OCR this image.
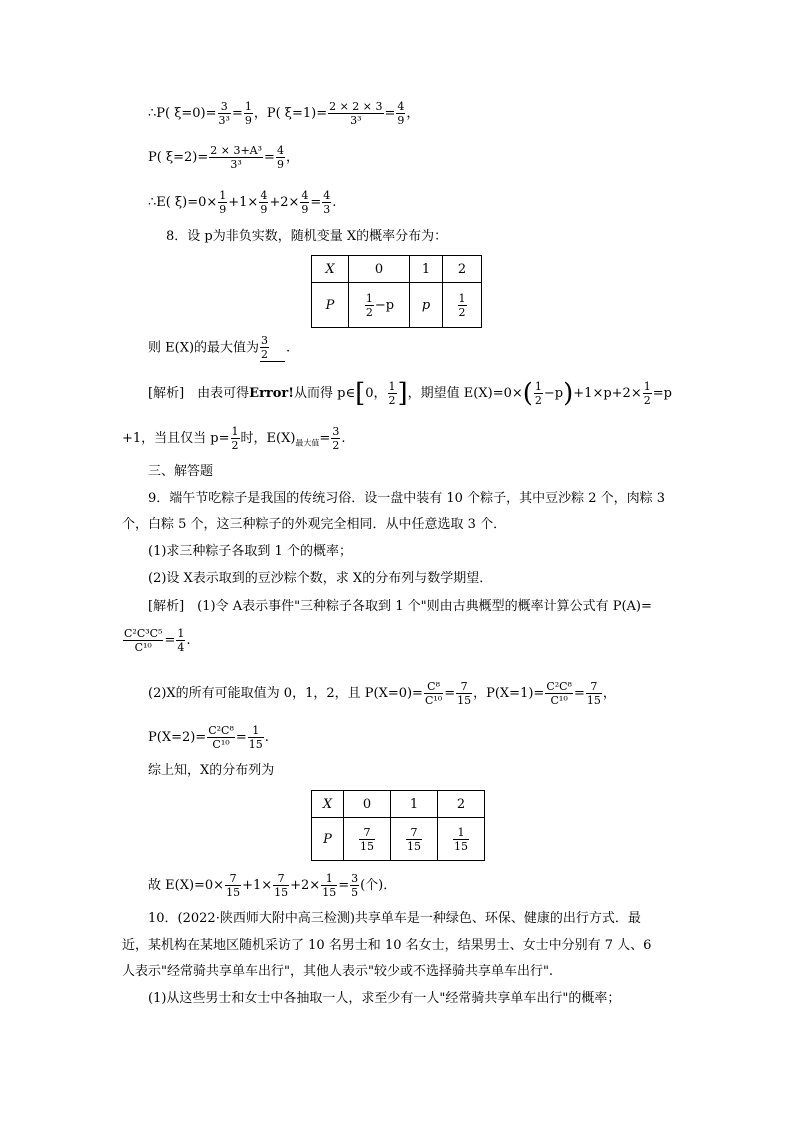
∴P( $\xi=0)= \frac{3}{\text{3³}} = \frac{1}{9}$ ，P( $\xi=1)= \frac{2 \times 2 \times 3}{\text{3³}} = \frac{4}{9}$ ，
P( $\xi=2)= \frac{\text{2 × 3+A³}}{\text{3³}} = \frac{4}{9}$ ，
∴E( $\xi)=0\times \frac{1}{9} +1\times \frac{4}{9} +2\times \frac{4}{9} = \frac{4}{3}$ .
8．设 p为非负实数，随机变量 X的概率分布为：
X	0	1	2
P	$\frac{1}{2} -p$	p	$\frac{1}{2}$
则 E(X)的最大值为 $\frac{3}{2}$ .
[解析]　由表可得Error!从而得 p∈[0， $\frac{1}{2}$ ]，期望值 $E(X)=0\times( \frac{1}{2} -p)+1\times p+2\times \frac{1}{2} =p$
+1，当且仅当 $p= \frac{1}{2}$ 时，$E(X)_{最大值}= \frac{3}{2}$ .
三、解答题
9．端午节吃粽子是我国的传统习俗．设一盘中装有 10 个粽子，其中豆沙粽 2 个，肉粽 3
个，白粽 5 个，这三种粽子的外观完全相同．从中任意选取 3 个．
(1)求三种粽子各取到 1 个的概率；
(2)设 X表示取到的豆沙粽个数，求 X的分布列与数学期望．
[解析]　(1)令 A表示事件"三种粽子各取到 1 个"则由古典概型的概率计算公式有 P(A)=
$\frac{\text{C²C³C⁵}}{\text{C¹⁰}} = \frac{1}{4}$ .
(2)X的所有可能取值为 0，1，2，且 $P(X=0)= \frac{\text{C⁸}}{\text{C¹⁰}} = \frac{7}{15}$ ，$P(X=1)= \frac{\text{C²C⁸}}{\text{C¹⁰}} = \frac{7}{15}$ ，
$P(X=2)= \frac{\text{C²C⁸}}{\text{C¹⁰}} = \frac{1}{15}$ .
综上知，X的分布列为
X	0	1	2
P	$\frac{7}{15}$	$\frac{7}{15}$	$\frac{1}{15}$
故 $E(X)=0\times \frac{7}{15} +1\times \frac{7}{15} +2\times \frac{1}{15} = \frac{3}{5}$ (个)．
10．(2022·陕西师大附中高三检测)共享单车是一种绿色、环保、健康的出行方式．最
近，某机构在某地区随机采访了 10 名男士和 10 名女士，结果男士、女士中分别有 7 人、6
人表示"经常骑共享单车出行"，其他人表示"较少或不选择骑共享单车出行".
(1)从这些男士和女士中各抽取一人，求至少有一人"经常骑共享单车出行"的概率；
